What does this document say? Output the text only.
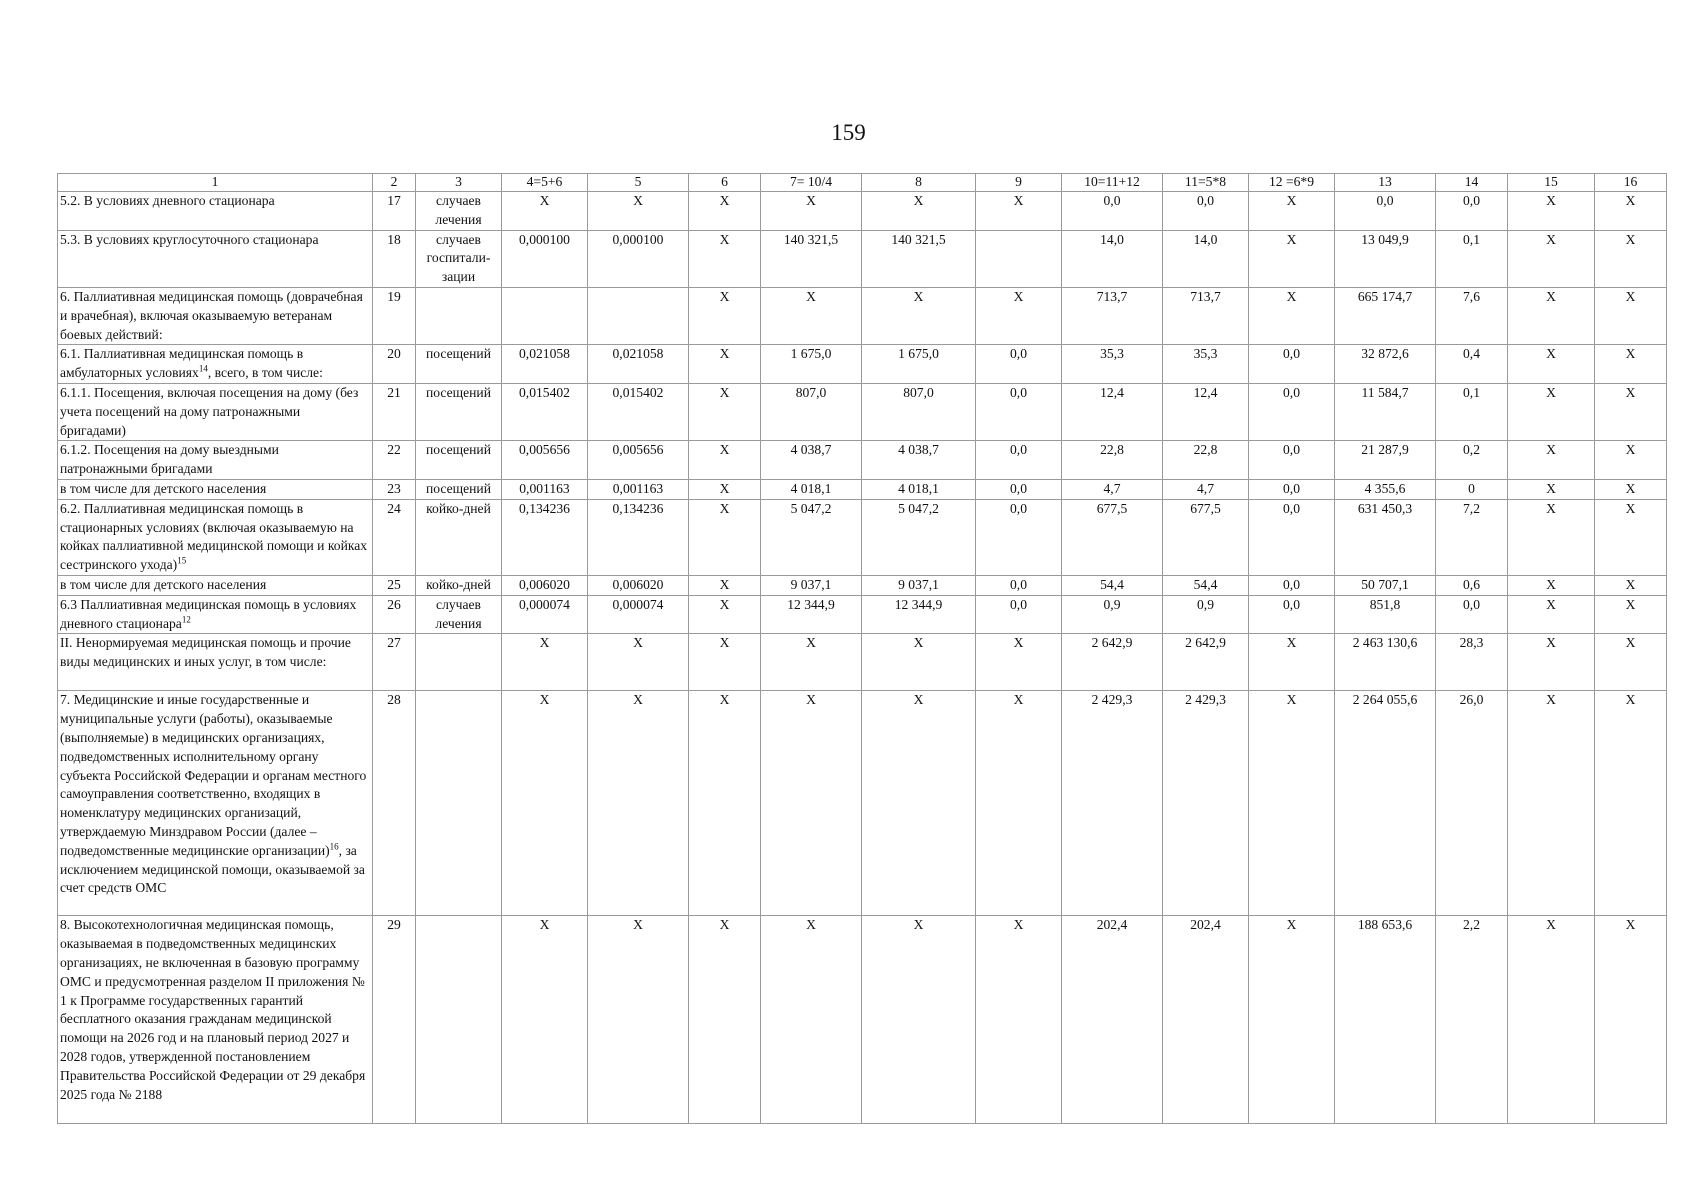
159
1	2	3	4=5+6	5	6	7= 10/4	8	9	10=11+12	11=5*8	12 =6*9	13	14	15	16
5.2. В условиях дневного стационара	17	случаев лечения	X	X	X	X	X	X	0,0	0,0	X	0,0	0,0	X	X
5.3. В условиях круглосуточного стационара	18	случаев госпитали-зации	0,000100	0,000100	X	140 321,5	140 321,5		14,0	14,0	X	13 049,9	0,1	X	X
6. Паллиативная медицинская помощь (доврачебная и врачебная), включая оказываемую ветеранам боевых действий:	19				X	X	X	X	713,7	713,7	X	665 174,7	7,6	X	X
6.1. Паллиативная медицинская помощь в амбулаторных условиях$^{14}$, всего, в том числе:	20	посещений	0,021058	0,021058	X	1 675,0	1 675,0	0,0	35,3	35,3	0,0	32 872,6	0,4	X	X
6.1.1. Посещения, включая посещения на дому (без учета посещений на дому патронажными бригадами)	21	посещений	0,015402	0,015402	X	807,0	807,0	0,0	12,4	12,4	0,0	11 584,7	0,1	X	X
6.1.2. Посещения на дому выездными патронажными бригадами	22	посещений	0,005656	0,005656	X	4 038,7	4 038,7	0,0	22,8	22,8	0,0	21 287,9	0,2	X	X
в том числе для детского населения	23	посещений	0,001163	0,001163	X	4 018,1	4 018,1	0,0	4,7	4,7	0,0	4 355,6	0	X	X
6.2. Паллиативная медицинская помощь в стационарных условиях (включая оказываемую на койках паллиативной медицинской помощи и койках сестринского ухода)$^{15}$	24	койко-дней	0,134236	0,134236	X	5 047,2	5 047,2	0,0	677,5	677,5	0,0	631 450,3	7,2	X	X
в том числе для детского населения	25	койко-дней	0,006020	0,006020	X	9 037,1	9 037,1	0,0	54,4	54,4	0,0	50 707,1	0,6	X	X
6.3 Паллиативная медицинская помощь в условиях дневного стационара$^{12}$	26	случаев лечения	0,000074	0,000074	X	12 344,9	12 344,9	0,0	0,9	0,9	0,0	851,8	0,0	X	X
II. Ненормируемая медицинская помощь и прочие виды медицинских и иных услуг, в том числе:	27		X	X	X	X	X	X	2 642,9	2 642,9	X	2 463 130,6	28,3	X	X
7. Медицинские и иные государственные и муниципальные услуги (работы), оказываемые (выполняемые) в медицинских организациях, подведомственных исполнительному органу субъекта Российской Федерации и органам местного самоуправления соответственно, входящих в номенклатуру медицинских организаций, утверждаемую Минздравом России (далее – подведомственные медицинские организации)$^{16}$, за исключением медицинской помощи, оказываемой за счет средств ОМС	28		X	X	X	X	X	X	2 429,3	2 429,3	X	2 264 055,6	26,0	X	X
8. Высокотехнологичная медицинская помощь, оказываемая в подведомственных медицинских организациях, не включенная в базовую программу ОМС и предусмотренная разделом II приложения № 1 к Программе государственных гарантий бесплатного оказания гражданам медицинской помощи на 2026 год и на плановый период 2027 и 2028 годов, утвержденной постановлением Правительства Российской Федерации от 29 декабря 2025 года № 2188	29		X	X	X	X	X	X	202,4	202,4	X	188 653,6	2,2	X	X
